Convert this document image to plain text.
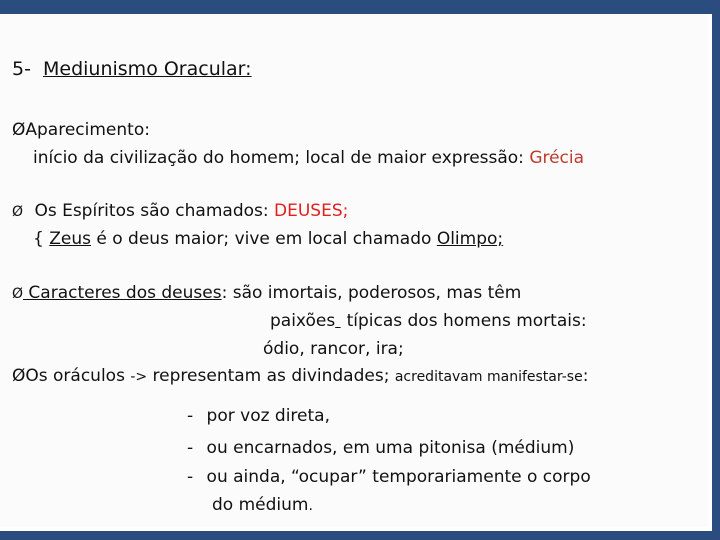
5- Mediunismo Oracular:
ØAparecimento:
início da civilização do homem; local de maior expressão: Grécia
Ø Os Espíritos são chamados: DEUSES;
{ Zeus é o deus maior; vive em local chamado Olimpo;
Ø Caracteres dos deuses: são imortais, poderosos, mas têm
paixões  típicas dos homens mortais:
ódio, rancor, ira;
ØOs oráculos -> representam as divindades; acreditavam manifestar-se:
- por voz direta,
- ou encarnados, em uma pitonisa (médium)
- ou ainda, “ocupar” temporariamente o corpo
do médium.
